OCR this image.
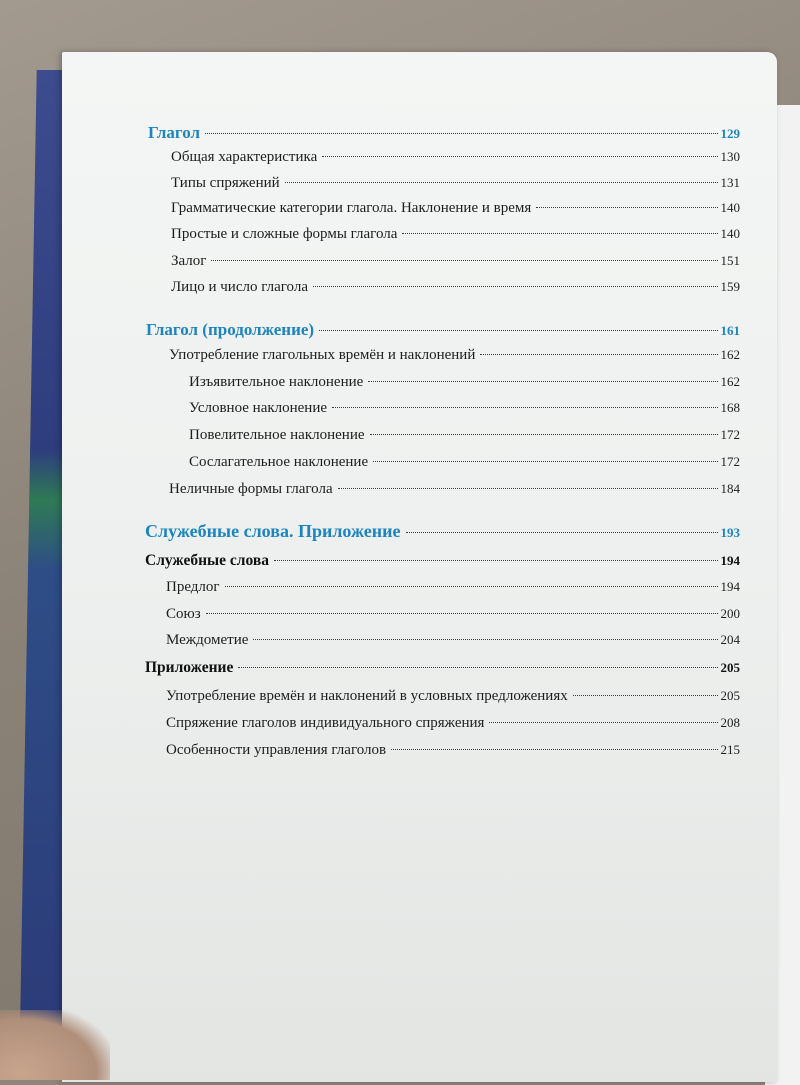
Глагол	129
Общая характеристика	130
Типы спряжений	131
Грамматические категории глагола. Наклонение и время	140
Простые и сложные формы глагола	140
Залог	151
Лицо и число глагола	159
Глагол (продолжение)	161
Употребление глагольных времён и наклонений	162
Изъявительное наклонение	162
Условное наклонение	168
Повелительное наклонение	172
Сослагательное наклонение	172
Неличные формы глагола	184
Служебные слова. Приложение	193
Служебные слова	194
Предлог	194
Союз	200
Междометие	204
Приложение	205
Употребление времён и наклонений в условных предложениях	205
Спряжение глаголов индивидуального спряжения	208
Особенности управления глаголов	215
